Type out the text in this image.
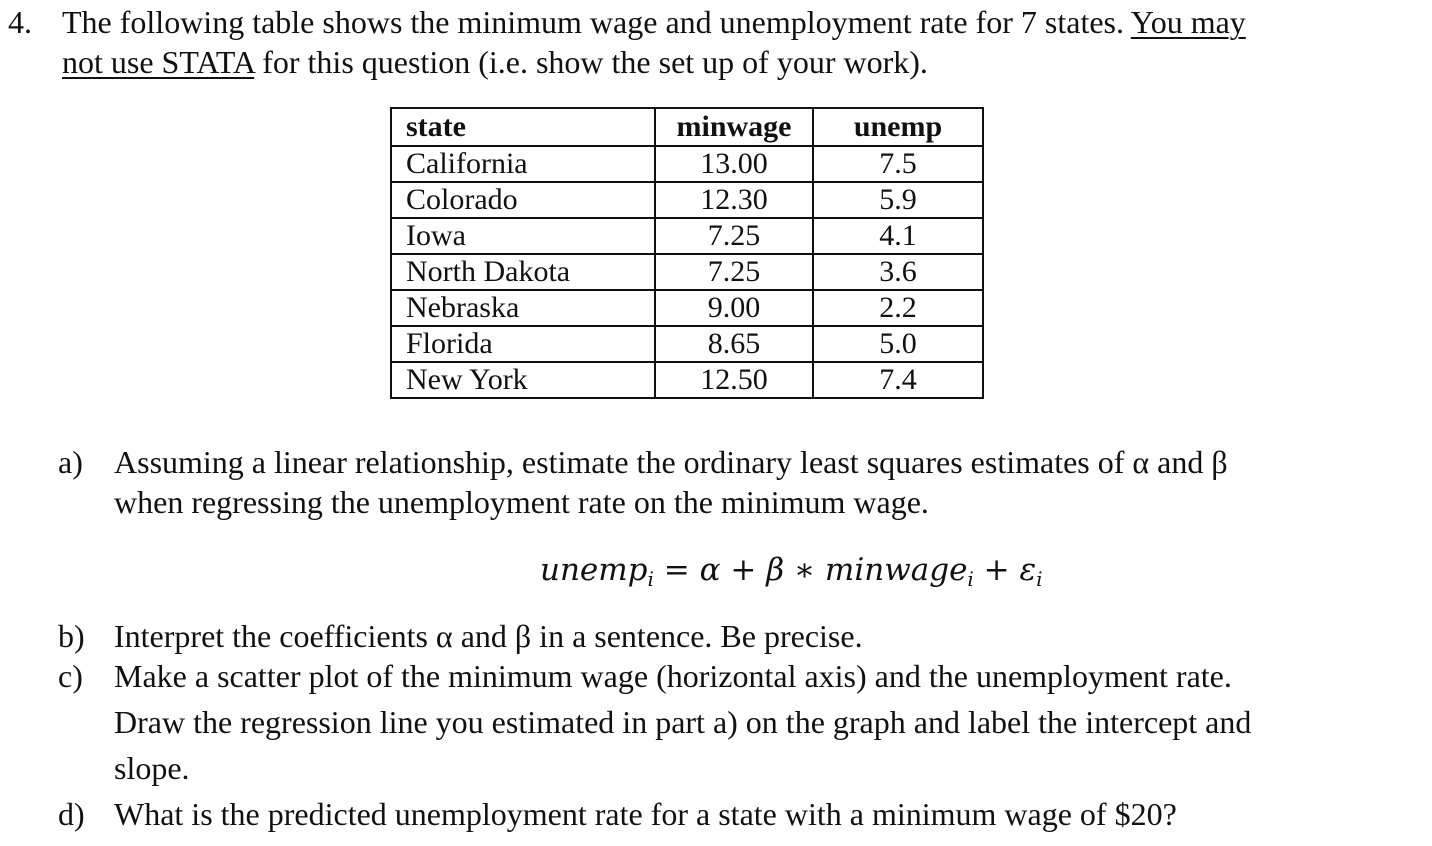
4. The following table shows the minimum wage and unemployment rate for 7 states. You may
not use STATA for this question (i.e. show the set up of your work).
state	minwage	unemp
California	13.00	7.5
Colorado	12.30	5.9
Iowa	7.25	4.1
North Dakota	7.25	3.6
Nebraska	9.00	2.2
Florida	8.65	5.0
New York	12.50	7.4
a) Assuming a linear relationship, estimate the ordinary least squares estimates of α and β
when regressing the unemployment rate on the minimum wage.
unemp$_i$ = α + β ∗ minwage$_i$ + $\varepsilon_i$
b) Interpret the coefficients α and β in a sentence. Be precise.
c) Make a scatter plot of the minimum wage (horizontal axis) and the unemployment rate.
Draw the regression line you estimated in part a) on the graph and label the intercept and
slope.
d) What is the predicted unemployment rate for a state with a minimum wage of $20?
